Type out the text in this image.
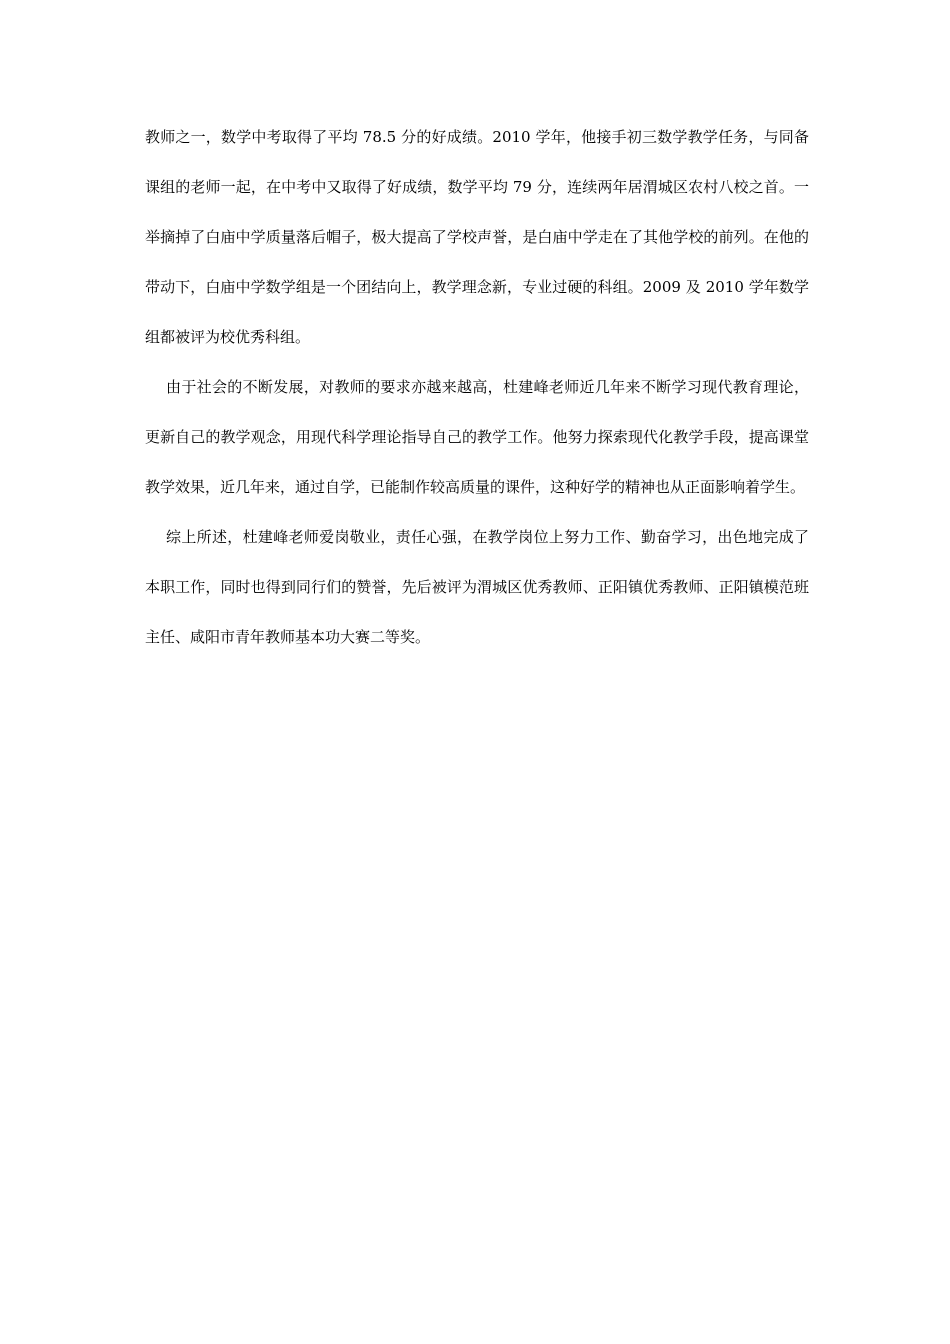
教师之一，数学中考取得了平均 78.5 分的好成绩。2010 学年，他接手初三数学教学任务，与同备课组的老师一起，在中考中又取得了好成绩，数学平均 79 分，连续两年居渭城区农村八校之首。一举摘掉了白庙中学质量落后帽子，极大提高了学校声誉，是白庙中学走在了其他学校的前列。在他的带动下，白庙中学数学组是一个团结向上，教学理念新，专业过硬的科组。2009 及 2010 学年数学组都被评为校优秀科组。

由于社会的不断发展，对教师的要求亦越来越高，杜建峰老师近几年来不断学习现代教育理论，更新自己的教学观念，用现代科学理论指导自己的教学工作。他努力探索现代化教学手段，提高课堂教学效果，近几年来，通过自学，已能制作较高质量的课件，这种好学的精神也从正面影响着学生。

综上所述，杜建峰老师爱岗敬业，责任心强，在教学岗位上努力工作、勤奋学习，出色地完成了本职工作，同时也得到同行们的赞誉，先后被评为渭城区优秀教师、正阳镇优秀教师、正阳镇模范班主任、咸阳市青年教师基本功大赛二等奖。
